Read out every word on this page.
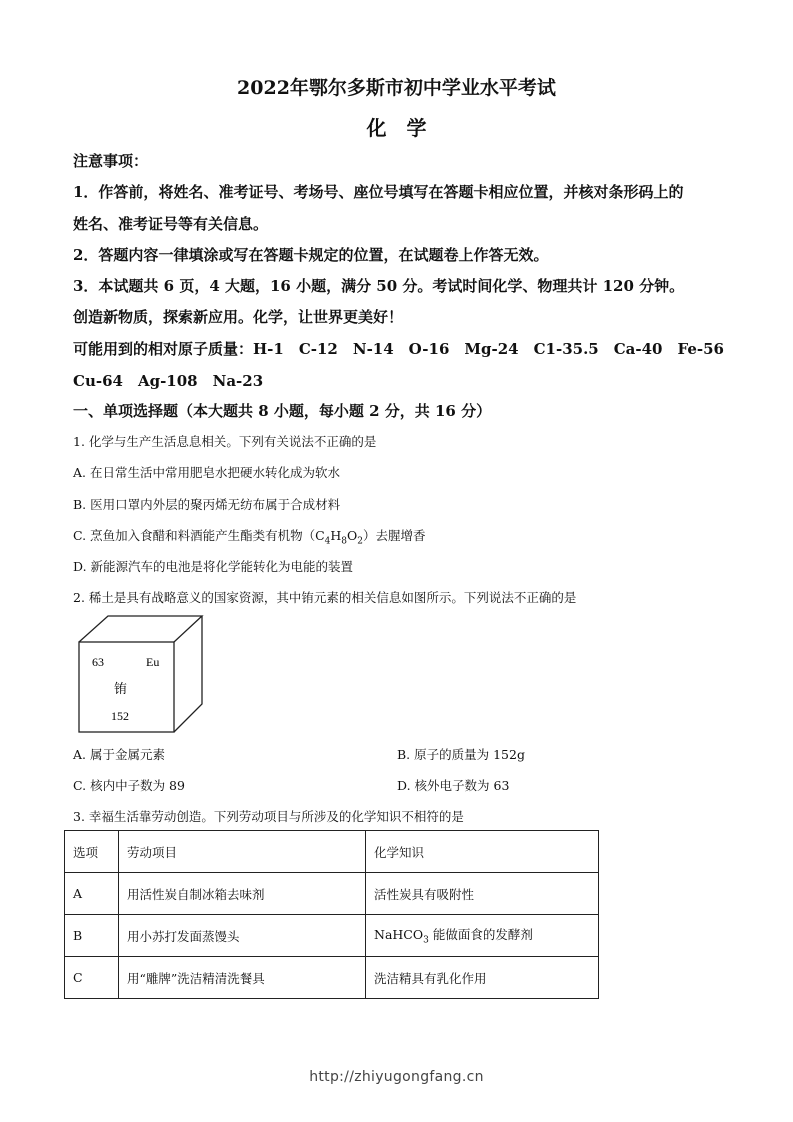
2022年鄂尔多斯市初中学业水平考试
化　学
注意事项：
1．作答前，将姓名、准考证号、考场号、座位号填写在答题卡相应位置，并核对条形码上的
姓名、准考证号等有关信息。
2．答题内容一律填涂或写在答题卡规定的位置，在试题卷上作答无效。
3．本试题共 6 页，4 大题，16 小题，满分 50 分。考试时间化学、物理共计 120 分钟。
创造新物质，探索新应用。化学，让世界更美好！
可能用到的相对原子质量：H-1　C-12　N-14　O-16　Mg-24　C1-35.5　Ca-40　Fe-56
Cu-64　Ag-108　Na-23
一、单项选择题（本大题共 8 小题，每小题 2 分，共 16 分）
1. 化学与生产生活息息相关。下列有关说法不正确的是
A. 在日常生活中常用肥皂水把硬水转化成为软水
B. 医用口罩内外层的聚丙烯无纺布属于合成材料
C. 烹鱼加入食醋和料酒能产生酯类有机物$(C_4H_8O_2)$去腥增香
D. 新能源汽车的电池是将化学能转化为电能的装置
2. 稀土是具有战略意义的国家资源，其中铕元素的相关信息如图所示。下列说法不正确的是
63	Eu
铕
152
A. 属于金属元素	B. 原子的质量为 152g
C. 核内中子数为 89	D. 核外电子数为 63
3. 幸福生活靠劳动创造。下列劳动项目与所涉及的化学知识不相符的是
选项	劳动项目	化学知识
A	用活性炭自制冰箱去味剂	活性炭具有吸附性
B	用小苏打发面蒸馒头	NaHCO$_3$ 能做面食的发酵剂
C	用“雕牌”洗洁精清洗餐具	洗洁精具有乳化作用
http://zhiyugongfang.cn
